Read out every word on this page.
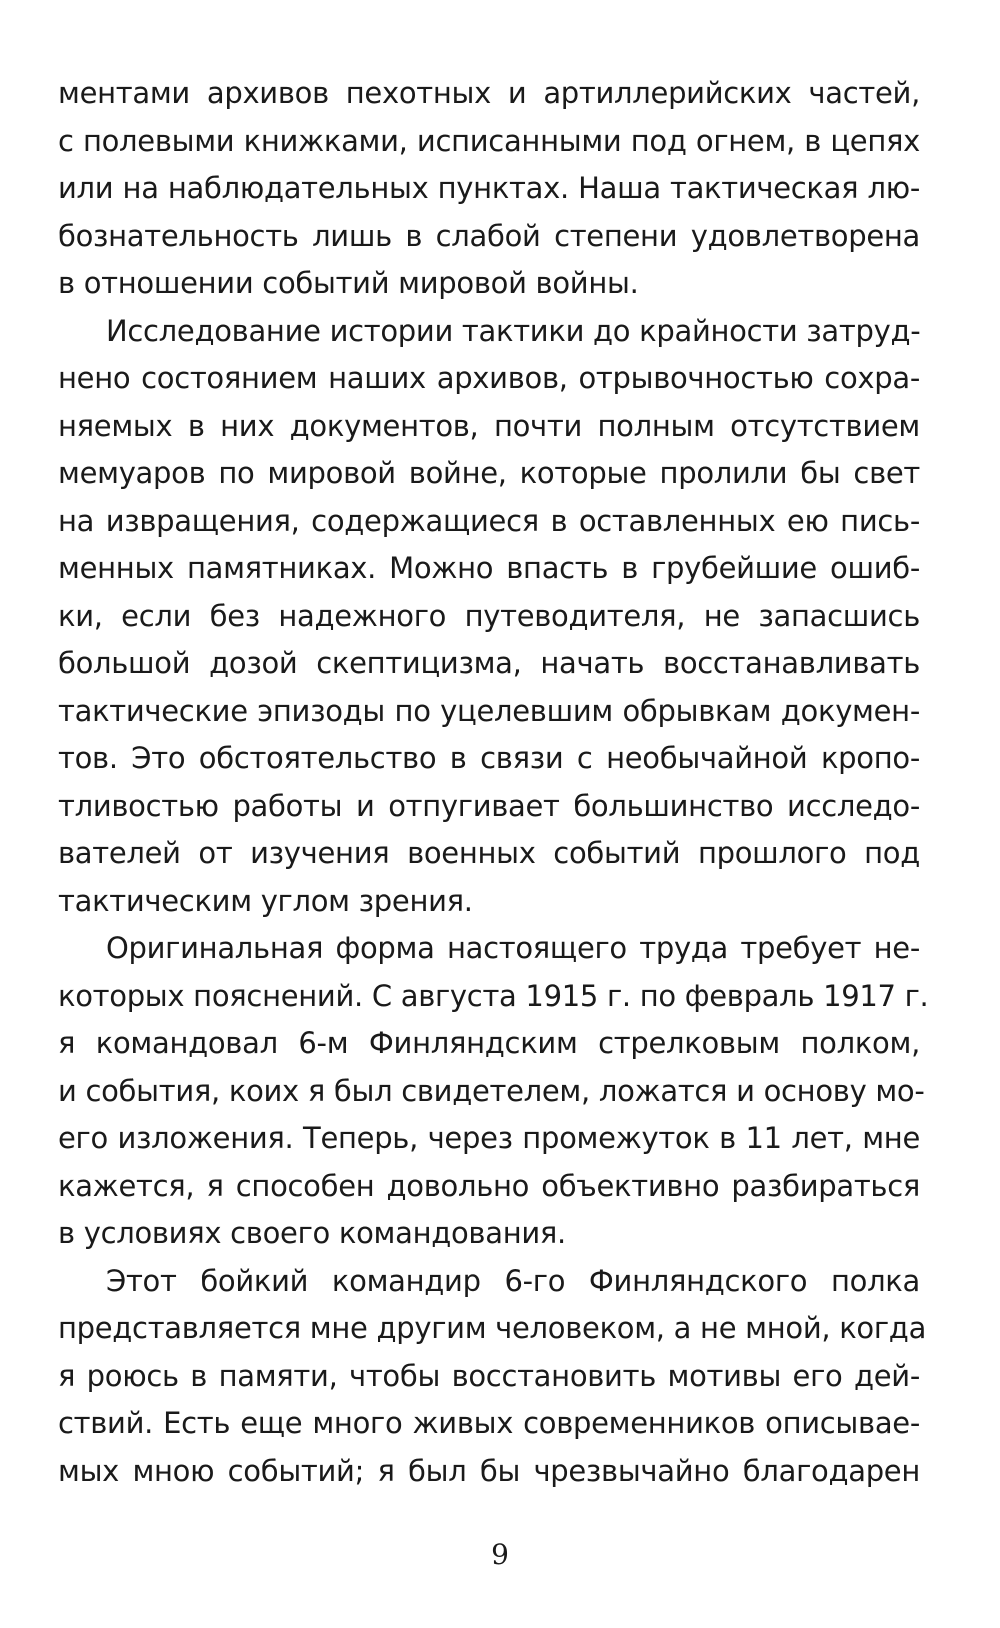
ментами архивов пехотных и артиллерийских частей,
с полевыми книжками, исписанными под огнем, в цепях
или на наблюдательных пунктах. Наша тактическая лю-
бознательность лишь в слабой степени удовлетворена
в отношении событий мировой войны.
Исследование истории тактики до крайности затруд-
нено состоянием наших архивов, отрывочностью сохра-
няемых в них документов, почти полным отсутствием
мемуаров по мировой войне, которые пролили бы свет
на извращения, содержащиеся в оставленных ею пись-
менных памятниках. Можно впасть в грубейшие ошиб-
ки, если без надежного путеводителя, не запасшись
большой дозой скептицизма, начать восстанавливать
тактические эпизоды по уцелевшим обрывкам докумен-
тов. Это обстоятельство в связи с необычайной кропо-
тливостью работы и отпугивает большинство исследо-
вателей от изучения военных событий прошлого под
тактическим углом зрения.
Оригинальная форма настоящего труда требует не-
которых пояснений. С августа 1915 г. по февраль 1917 г.
я командовал 6-м Финляндским стрелковым полком,
и события, коих я был свидетелем, ложатся и основу мо-
его изложения. Теперь, через промежуток в 11 лет, мне
кажется, я способен довольно объективно разбираться
в условиях своего командования.
Этот бойкий командир 6-го Финляндского полка
представляется мне другим человеком, а не мной, когда
я роюсь в памяти, чтобы восстановить мотивы его дей-
ствий. Есть еще много живых современников описывае-
мых мною событий; я был бы чрезвычайно благодарен
9
